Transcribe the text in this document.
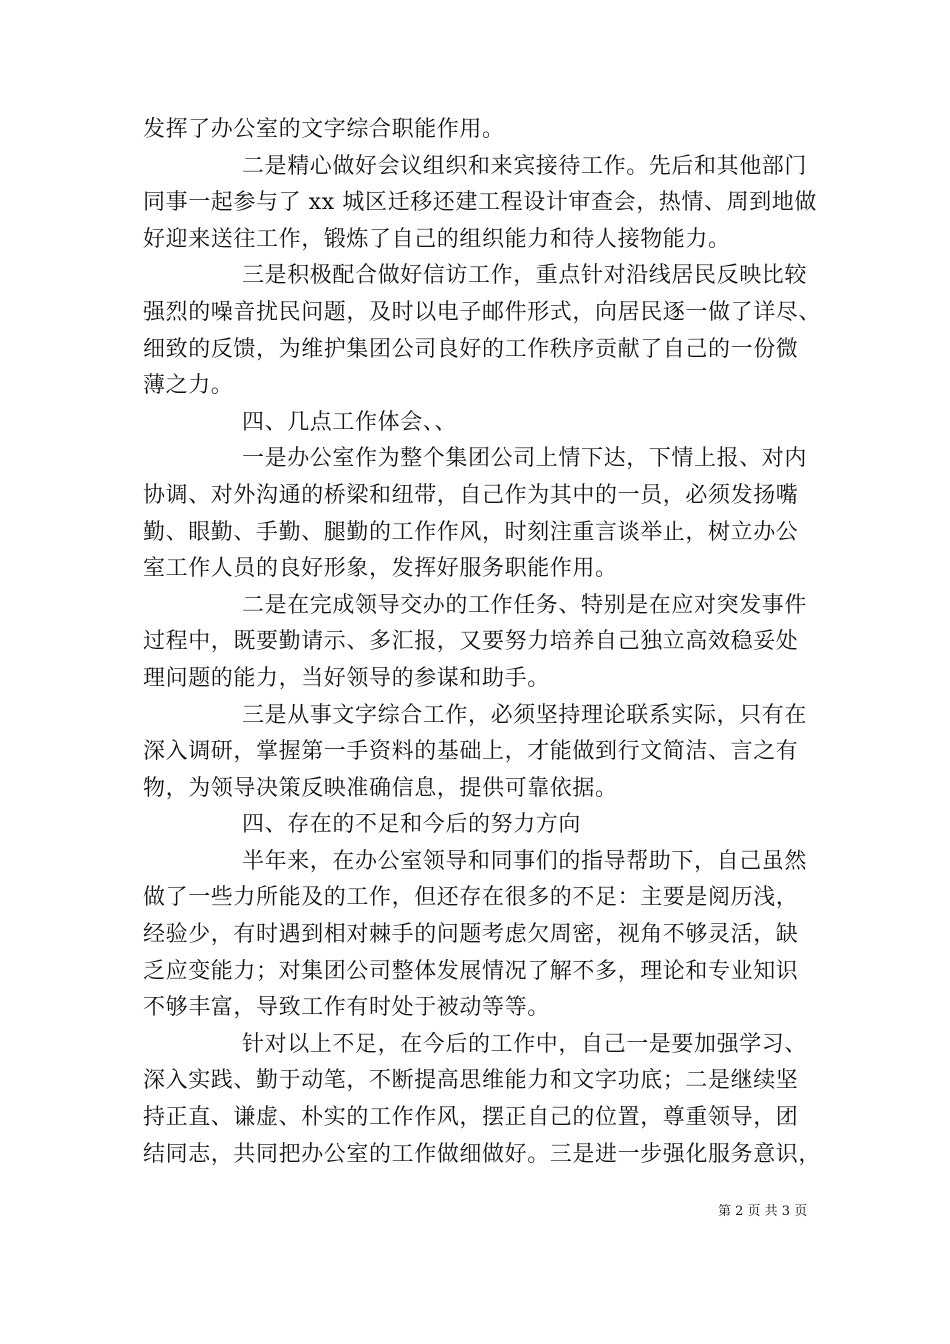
发挥了办公室的文字综合职能作用。
二是精心做好会议组织和来宾接待工作。先后和其他部门
同事一起参与了 xx 城区迁移还建工程设计审查会，热情、周到地做
好迎来送往工作，锻炼了自己的组织能力和待人接物能力。
三是积极配合做好信访工作，重点针对沿线居民反映比较
强烈的噪音扰民问题，及时以电子邮件形式，向居民逐一做了详尽、
细致的反馈，为维护集团公司良好的工作秩序贡献了自己的一份微
薄之力。
四、几点工作体会、、
一是办公室作为整个集团公司上情下达，下情上报、对内
协调、对外沟通的桥梁和纽带，自己作为其中的一员，必须发扬嘴
勤、眼勤、手勤、腿勤的工作作风，时刻注重言谈举止，树立办公
室工作人员的良好形象，发挥好服务职能作用。
二是在完成领导交办的工作任务、特别是在应对突发事件
过程中，既要勤请示、多汇报，又要努力培养自己独立高效稳妥处
理问题的能力，当好领导的参谋和助手。
三是从事文字综合工作，必须坚持理论联系实际，只有在
深入调研，掌握第一手资料的基础上，才能做到行文简洁、言之有
物，为领导决策反映准确信息，提供可靠依据。
四、存在的不足和今后的努力方向
半年来，在办公室领导和同事们的指导帮助下，自己虽然
做了一些力所能及的工作，但还存在很多的不足：主要是阅历浅，
经验少，有时遇到相对棘手的问题考虑欠周密，视角不够灵活，缺
乏应变能力；对集团公司整体发展情况了解不多，理论和专业知识
不够丰富，导致工作有时处于被动等等。
针对以上不足，在今后的工作中，自己一是要加强学习、
深入实践、勤于动笔，不断提高思维能力和文字功底；二是继续坚
持正直、谦虚、朴实的工作作风，摆正自己的位置，尊重领导，团
结同志，共同把办公室的工作做细做好。三是进一步强化服务意识，
第 2 页 共 3 页
